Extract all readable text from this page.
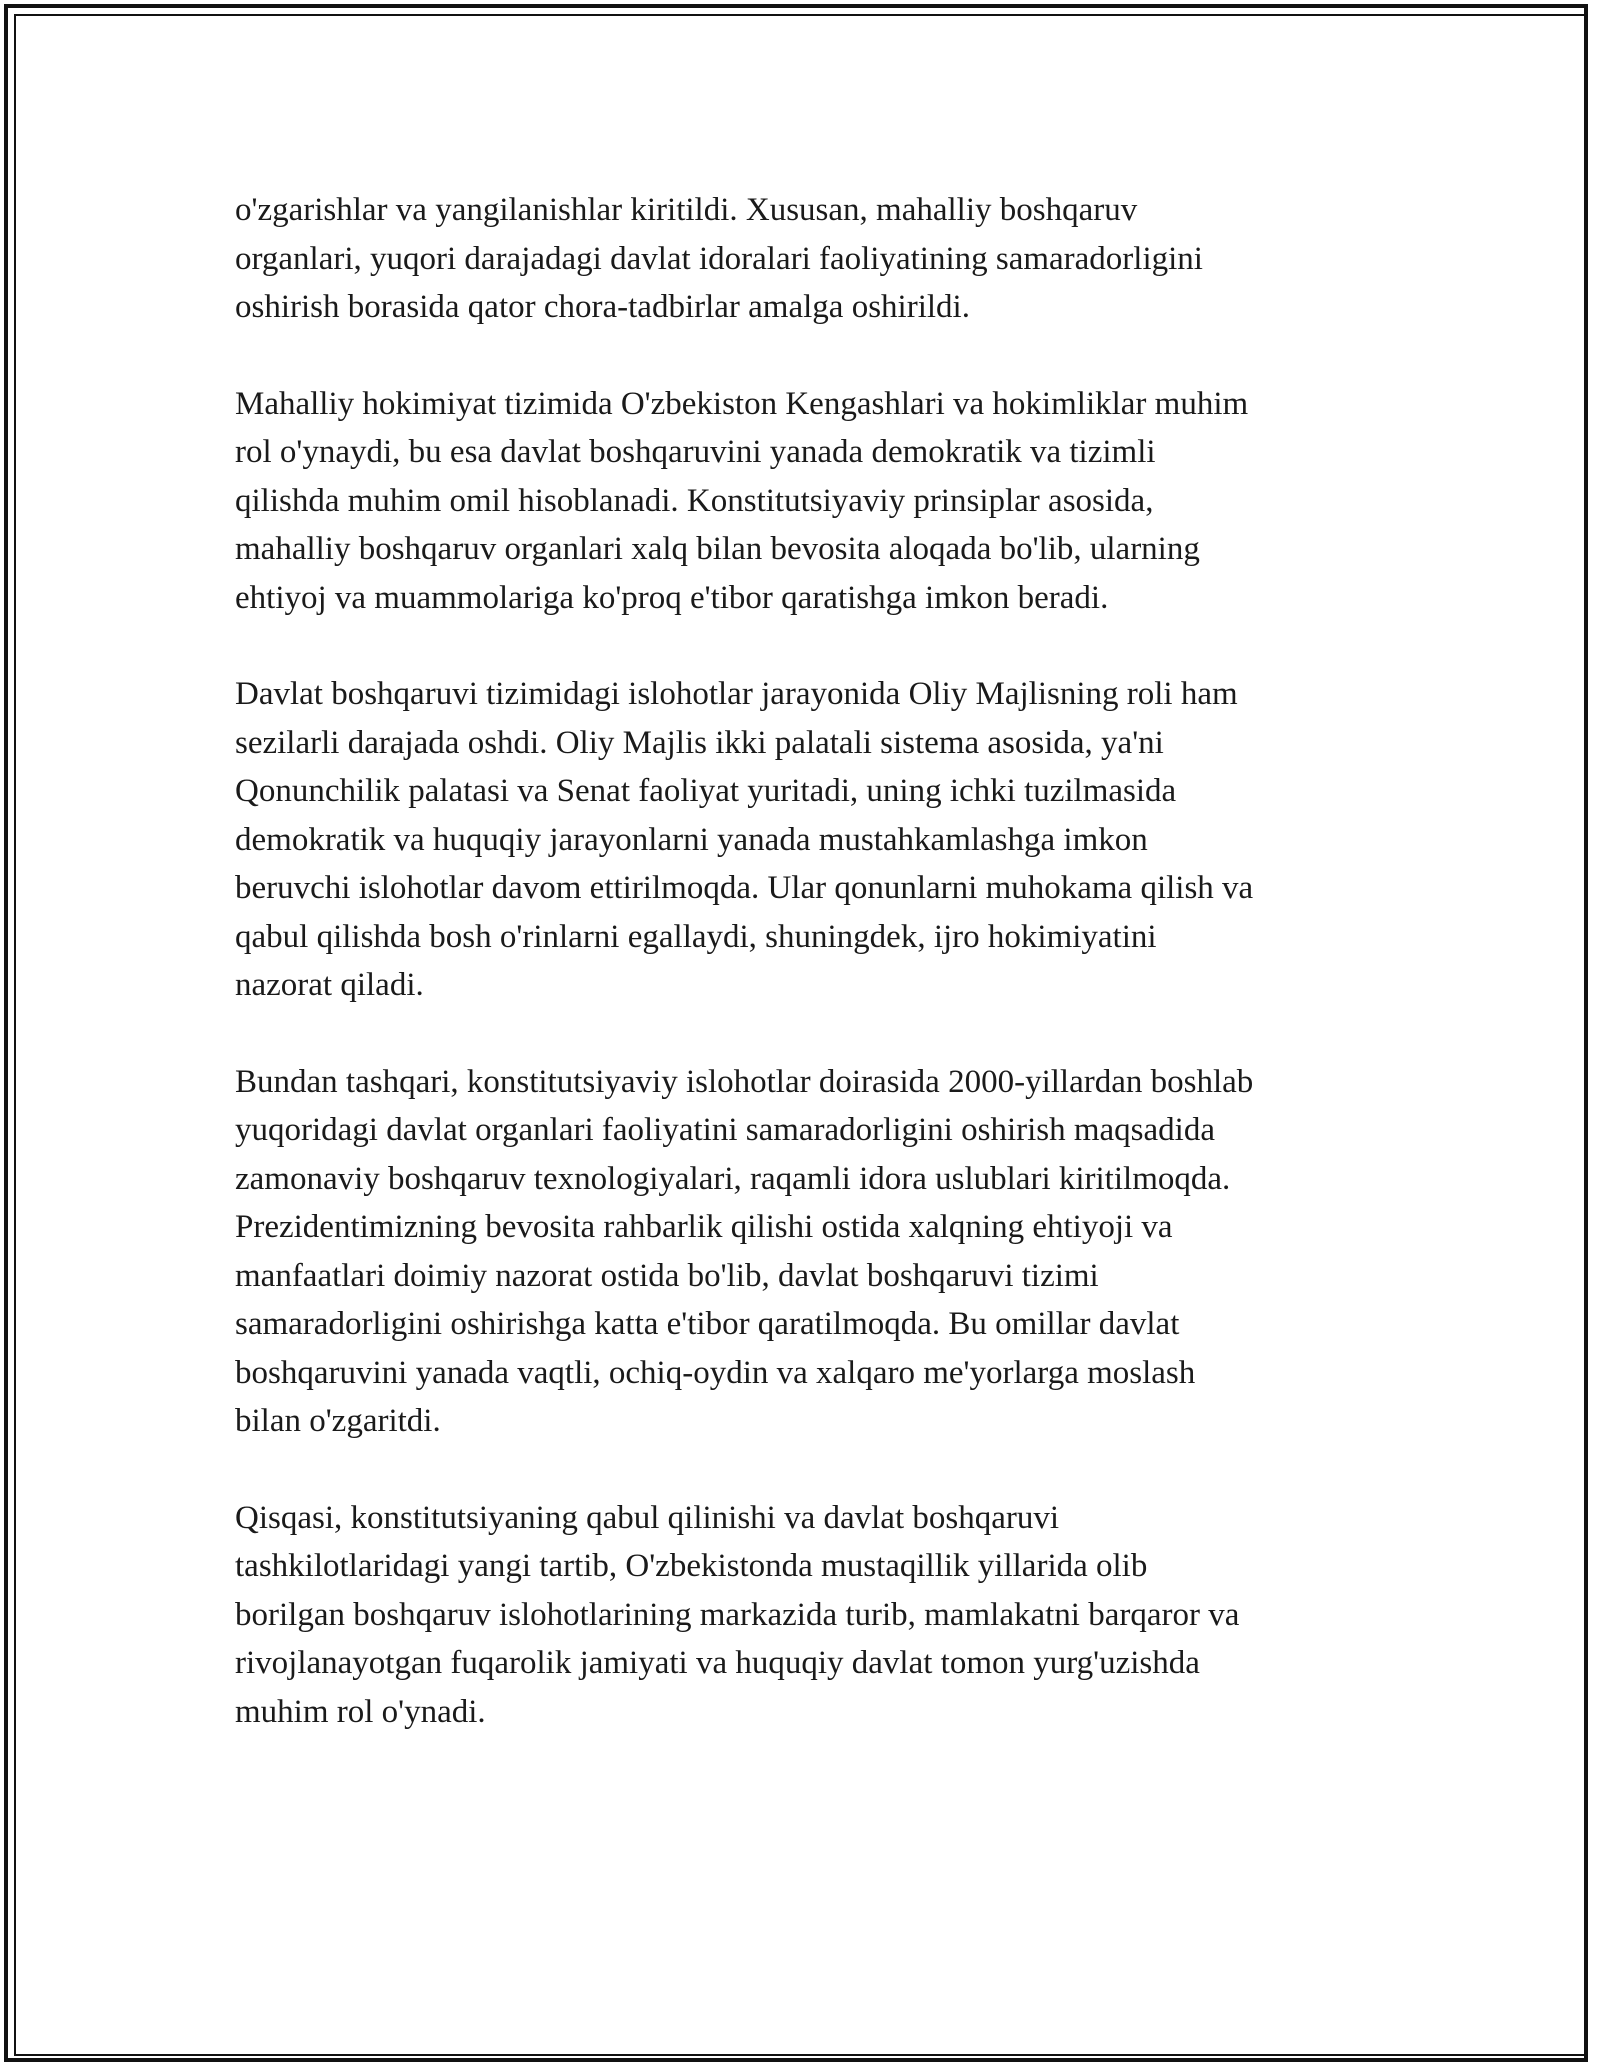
o'zgarishlar va yangilanishlar kiritildi. Xususan, mahalliy boshqaruv
organlari, yuqori darajadagi davlat idoralari faoliyatining samaradorligini
oshirish borasida qator chora-tadbirlar amalga oshirildi.

Mahalliy hokimiyat tizimida O'zbekiston Kengashlari va hokimliklar muhim
rol o'ynaydi, bu esa davlat boshqaruvini yanada demokratik va tizimli
qilishda muhim omil hisoblanadi. Konstitutsiyaviy prinsiplar asosida,
mahalliy boshqaruv organlari xalq bilan bevosita aloqada bo'lib, ularning
ehtiyoj va muammolariga ko'proq e'tibor qaratishga imkon beradi.

Davlat boshqaruvi tizimidagi islohotlar jarayonida Oliy Majlisning roli ham
sezilarli darajada oshdi. Oliy Majlis ikki palatali sistema asosida, ya'ni
Qonunchilik palatasi va Senat faoliyat yuritadi, uning ichki tuzilmasida
demokratik va huquqiy jarayonlarni yanada mustahkamlashga imkon
beruvchi islohotlar davom ettirilmoqda. Ular qonunlarni muhokama qilish va
qabul qilishda bosh o'rinlarni egallaydi, shuningdek, ijro hokimiyatini
nazorat qiladi.

Bundan tashqari, konstitutsiyaviy islohotlar doirasida 2000-yillardan boshlab
yuqoridagi davlat organlari faoliyatini samaradorligini oshirish maqsadida
zamonaviy boshqaruv texnologiyalari, raqamli idora uslublari kiritilmoqda.
Prezidentimizning bevosita rahbarlik qilishi ostida xalqning ehtiyoji va
manfaatlari doimiy nazorat ostida bo'lib, davlat boshqaruvi tizimi
samaradorligini oshirishga katta e'tibor qaratilmoqda. Bu omillar davlat
boshqaruvini yanada vaqtli, ochiq-oydin va xalqaro me'yorlarga moslash
bilan o'zgaritdi.

Qisqasi, konstitutsiyaning qabul qilinishi va davlat boshqaruvi
tashkilotlaridagi yangi tartib, O'zbekistonda mustaqillik yillarida olib
borilgan boshqaruv islohotlarining markazida turib, mamlakatni barqaror va
rivojlanayotgan fuqarolik jamiyati va huquqiy davlat tomon yurg'uzishda
muhim rol o'ynadi.
